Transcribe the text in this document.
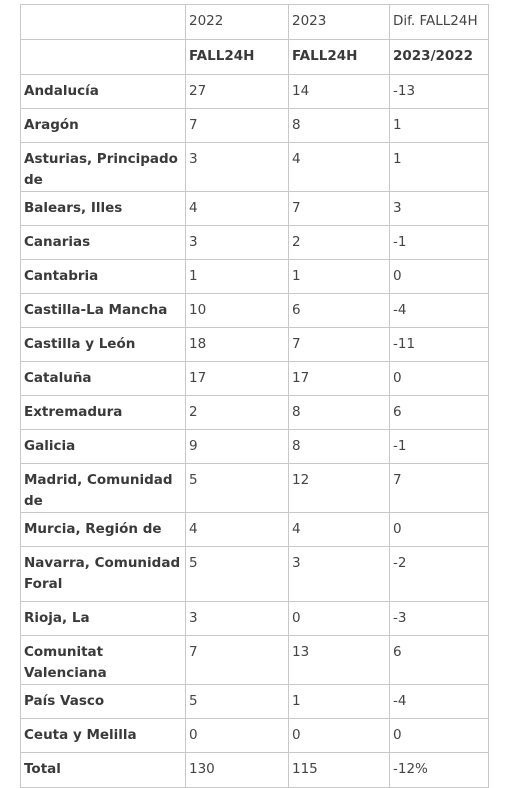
	2022	2023	Dif. FALL24H
	FALL24H	FALL24H	2023/2022
Andalucía	27	14	-13
Aragón	7	8	1
Asturias, Principado de	3	4	1
Balears, Illes	4	7	3
Canarias	3	2	-1
Cantabria	1	1	0
Castilla-La Mancha	10	6	-4
Castilla y León	18	7	-11
Cataluña	17	17	0
Extremadura	2	8	6
Galicia	9	8	-1
Madrid, Comunidad de	5	12	7
Murcia, Región de	4	4	0
Navarra, Comunidad Foral	5	3	-2
Rioja, La	3	0	-3
Comunitat Valenciana	7	13	6
País Vasco	5	1	-4
Ceuta y Melilla	0	0	0
Total	130	115	-12%
